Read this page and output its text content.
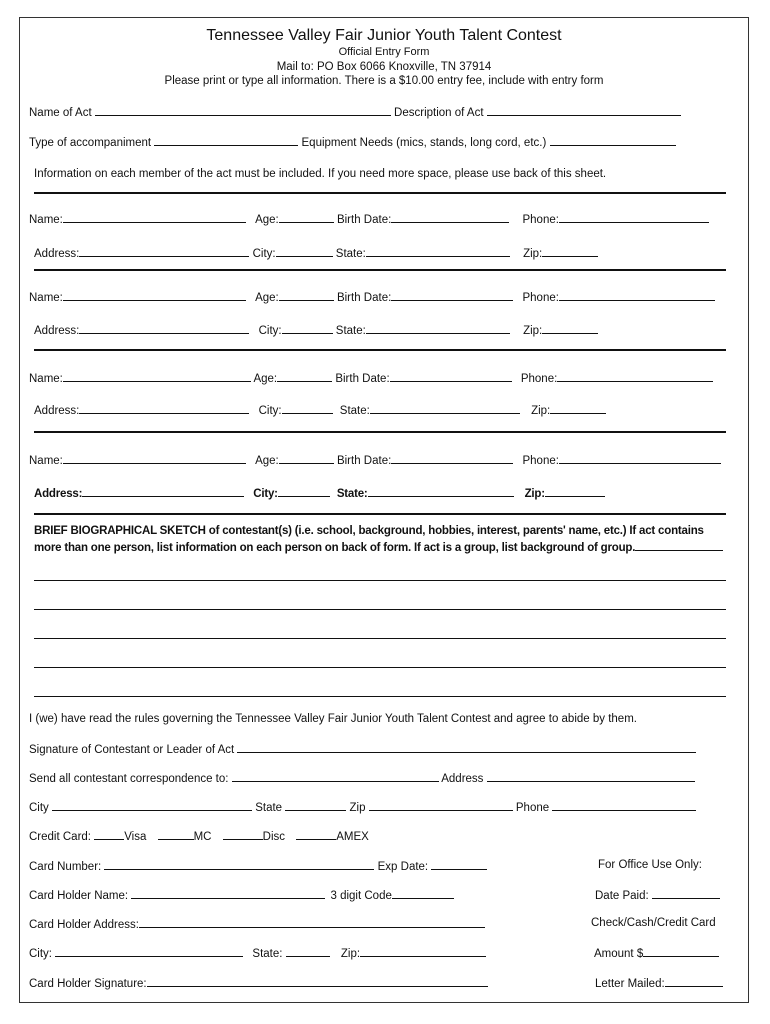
Tennessee Valley Fair Junior Youth Talent Contest
Official Entry Form
Mail to: PO Box 6066 Knoxville, TN 37914
Please print or type all information. There is a $10.00 entry fee, include with entry form
Name of Act	Description of Act
Type of accompaniment	Equipment Needs (mics, stands, long cord, etc.)
Information on each member of the act must be included. If you need more space, please use back of this sheet.
Name:	Age:	Birth Date:	Phone:
Address:	City:	State:	Zip:
Name:	Age:	Birth Date:	Phone:
Address:	City:	State:	Zip:
Name:	Age:	Birth Date:	Phone:
Address:	City:	State:	Zip:
Name:	Age:	Birth Date:	Phone:
Address:	City:	State:	Zip:
BRIEF BIOGRAPHICAL SKETCH of contestant(s) (i.e. school, background, hobbies, interest, parents' name, etc.) If act contains
more than one person, list information on each person on back of form. If act is a group, list background of group.
I (we) have read the rules governing the Tennessee Valley Fair Junior Youth Talent Contest and agree to abide by them.
Signature of Contestant or Leader of Act
Send all contestant correspondence to:	Address
City	State	Zip	Phone
Credit Card:	Visa	MC	Disc	AMEX
Card Number:	Exp Date:
Card Holder Name:	3 digit Code
Card Holder Address:
City:	State:	Zip:
Card Holder Signature:
For Office Use Only:
Date Paid:
Check/Cash/Credit Card
Amount $
Letter Mailed:
